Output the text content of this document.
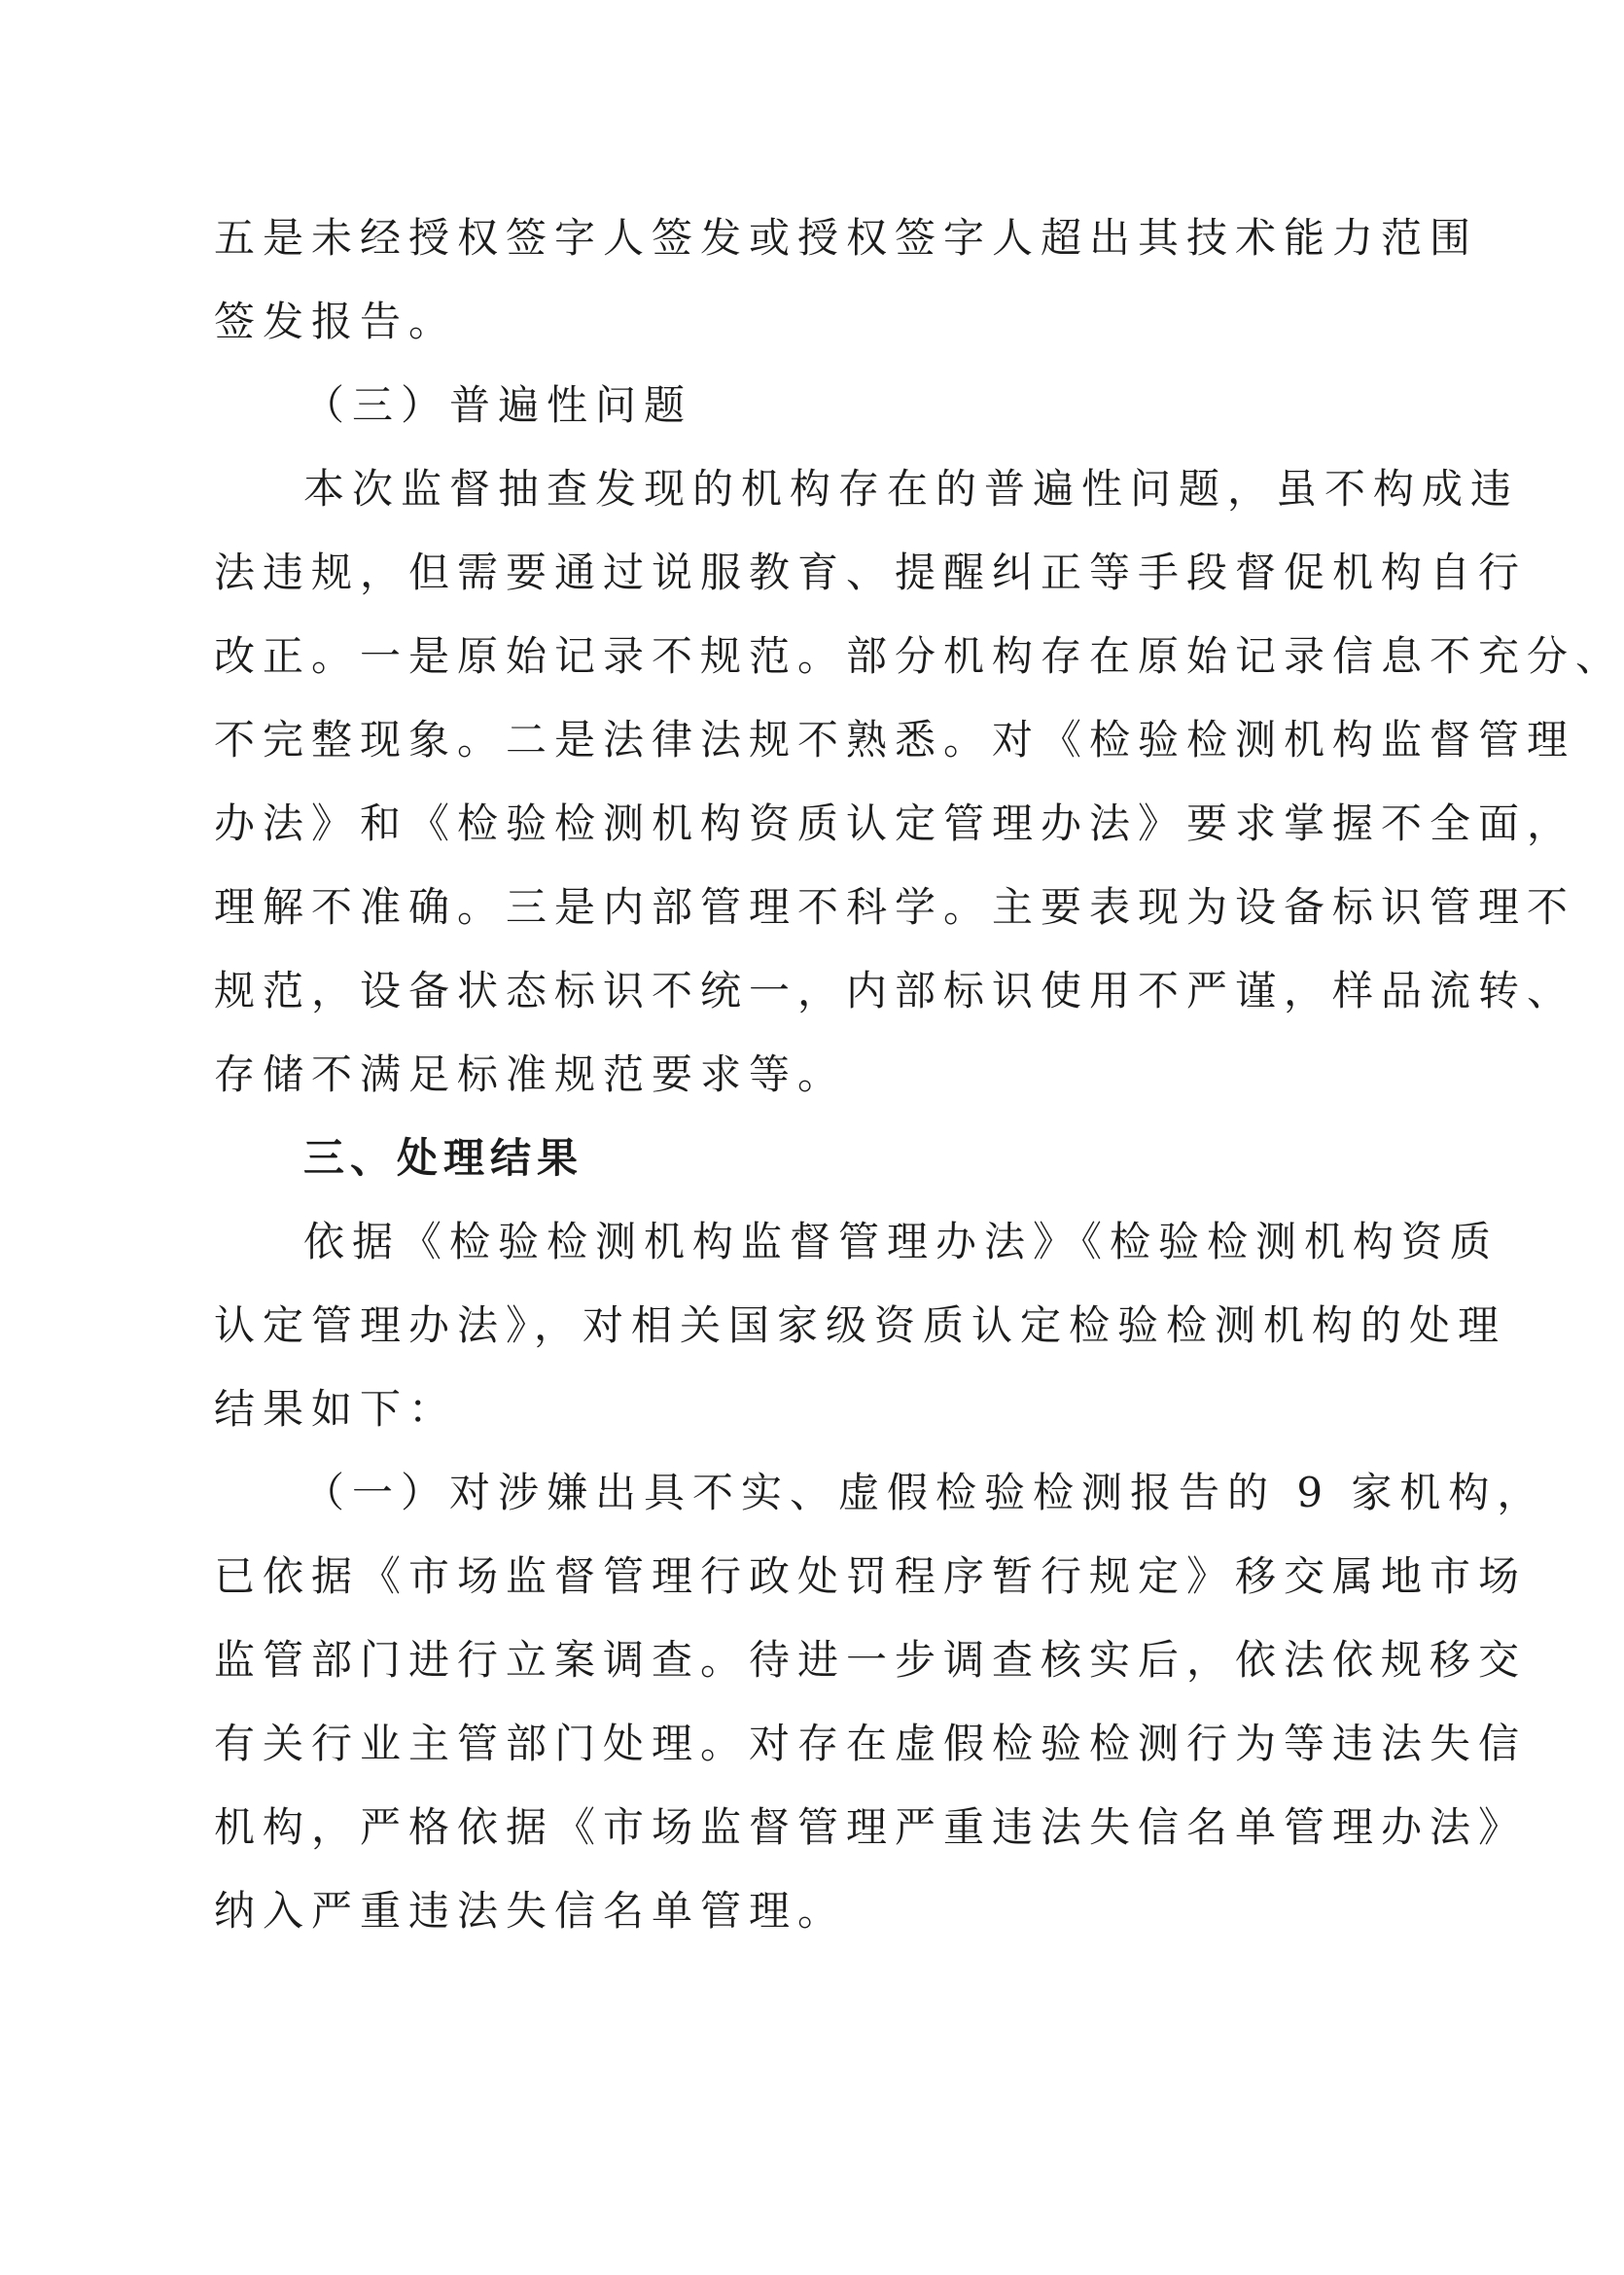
五是未经授权签字人签发或授权签字人超出其技术能力范围
签发报告。
（三）普遍性问题
本次监督抽查发现的机构存在的普遍性问题，虽不构成违
法违规，但需要通过说服教育、提醒纠正等手段督促机构自行
改正。一是原始记录不规范。部分机构存在原始记录信息不充分、
不完整现象。二是法律法规不熟悉。对《检验检测机构监督管理
办法》和《检验检测机构资质认定管理办法》要求掌握不全面，
理解不准确。三是内部管理不科学。主要表现为设备标识管理不
规范，设备状态标识不统一，内部标识使用不严谨，样品流转、
存储不满足标准规范要求等。
三、处理结果
依据《检验检测机构监督管理办法》《检验检测机构资质
认定管理办法》，对相关国家级资质认定检验检测机构的处理
结果如下：
（一）对涉嫌出具不实、虚假检验检测报告的 9 家机构，
已依据《市场监督管理行政处罚程序暂行规定》移交属地市场
监管部门进行立案调查。待进一步调查核实后，依法依规移交
有关行业主管部门处理。对存在虚假检验检测行为等违法失信
机构，严格依据《市场监督管理严重违法失信名单管理办法》
纳入严重违法失信名单管理。
